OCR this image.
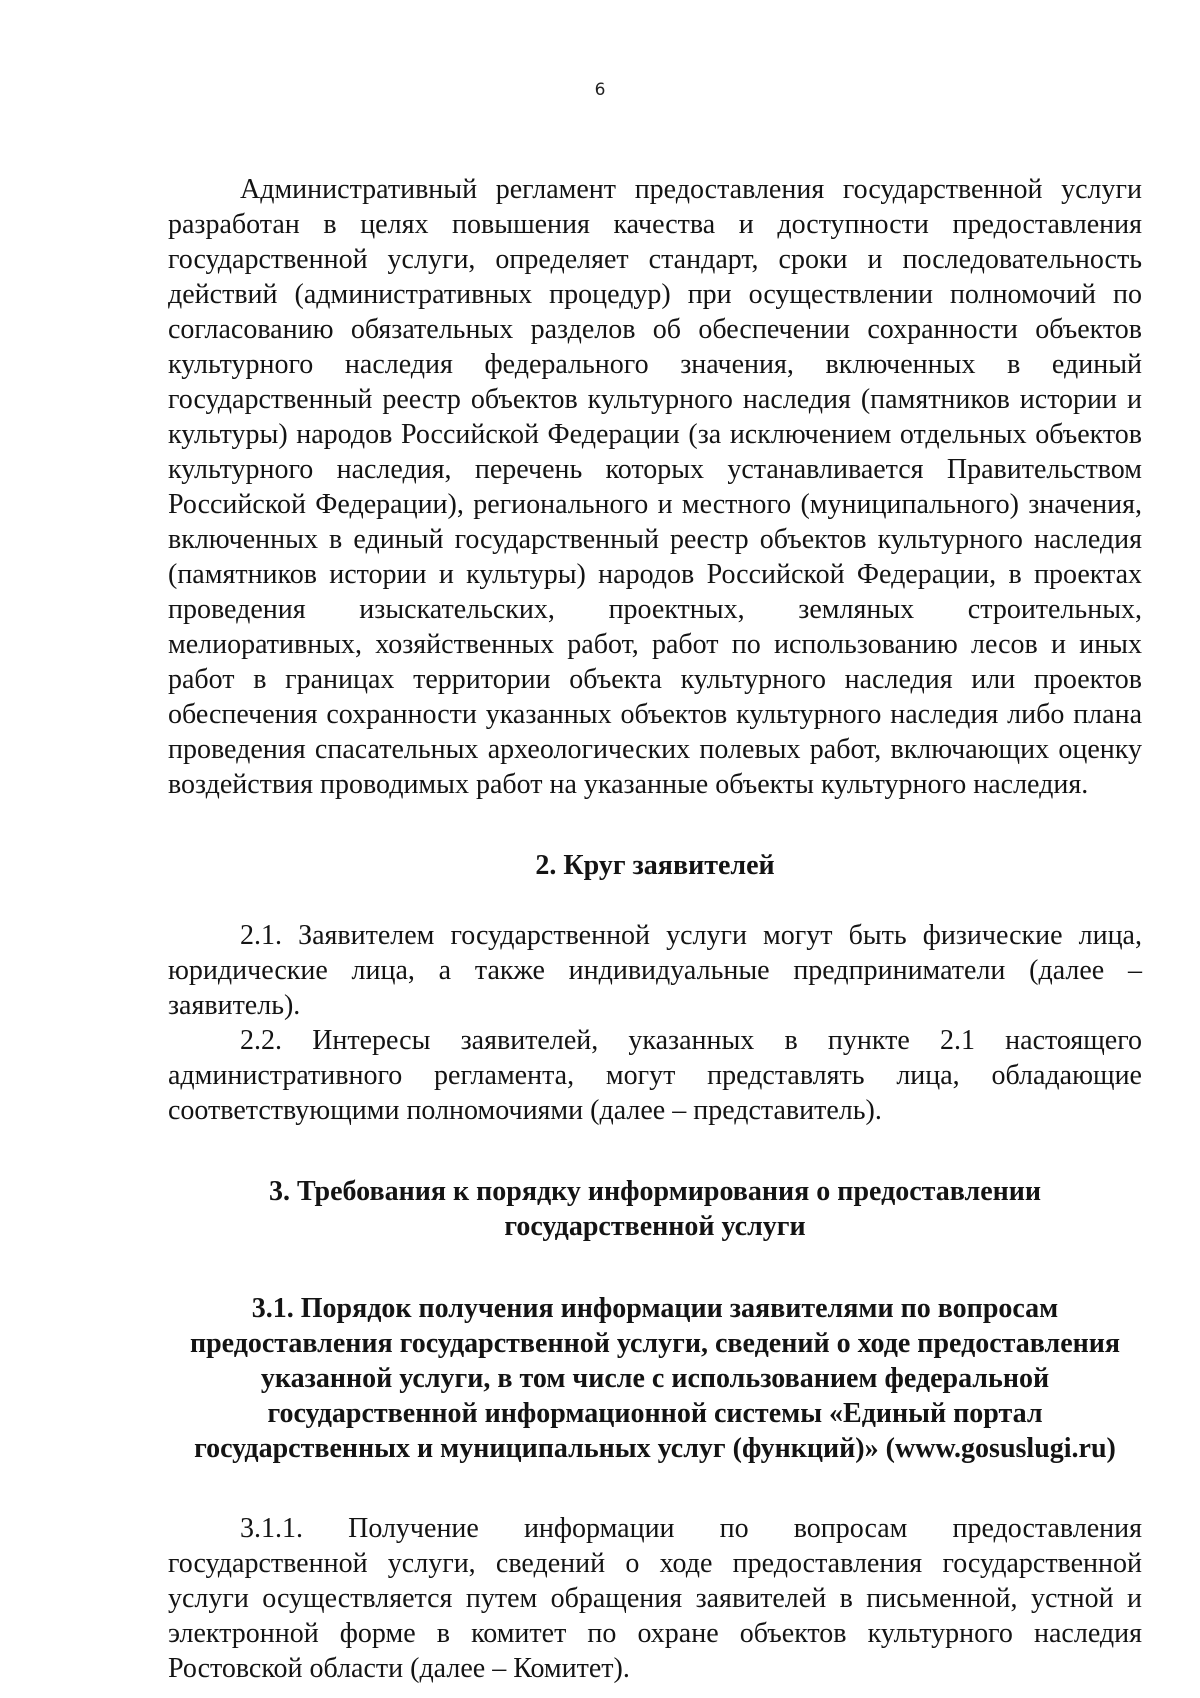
6

Административный регламент предоставления государственной услуги разработан в целях повышения качества и доступности предоставления государственной услуги, определяет стандарт, сроки и последовательность действий (административных процедур) при осуществлении полномочий по согласованию обязательных разделов об обеспечении сохранности объектов культурного наследия федерального значения, включенных в единый государственный реестр объектов культурного наследия (памятников истории и культуры) народов Российской Федерации (за исключением отдельных объектов культурного наследия, перечень которых устанавливается Правительством Российской Федерации), регионального и местного (муниципального) значения, включенных в единый государственный реестр объектов культурного наследия (памятников истории и культуры) народов Российской Федерации, в проектах проведения изыскательских, проектных, земляных строительных, мелиоративных, хозяйственных работ, работ по использованию лесов и иных работ в границах территории объекта культурного наследия или проектов обеспечения сохранности указанных объектов культурного наследия либо плана проведения спасательных археологических полевых работ, включающих оценку воздействия проводимых работ на указанные объекты культурного наследия.

2. Круг заявителей

2.1. Заявителем государственной услуги могут быть физические лица, юридические лица, а также индивидуальные предприниматели (далее – заявитель).

2.2. Интересы заявителей, указанных в пункте 2.1 настоящего административного регламента, могут представлять лица, обладающие соответствующими полномочиями (далее – представитель).

3. Требования к порядку информирования о предоставлении
государственной услуги
3.1. Порядок получения информации заявителями по вопросам
предоставления государственной услуги, сведений о ходе предоставления
указанной услуги, в том числе с использованием федеральной
государственной информационной системы «Единый портал
государственных и муниципальных услуг (функций)» (www.gosuslugi.ru)

3.1.1. Получение информации по вопросам предоставления государственной услуги, сведений о ходе предоставления государственной услуги осуществляется путем обращения заявителей в письменной, устной и электронной форме в комитет по охране объектов культурного наследия Ростовской области (далее – Комитет).
